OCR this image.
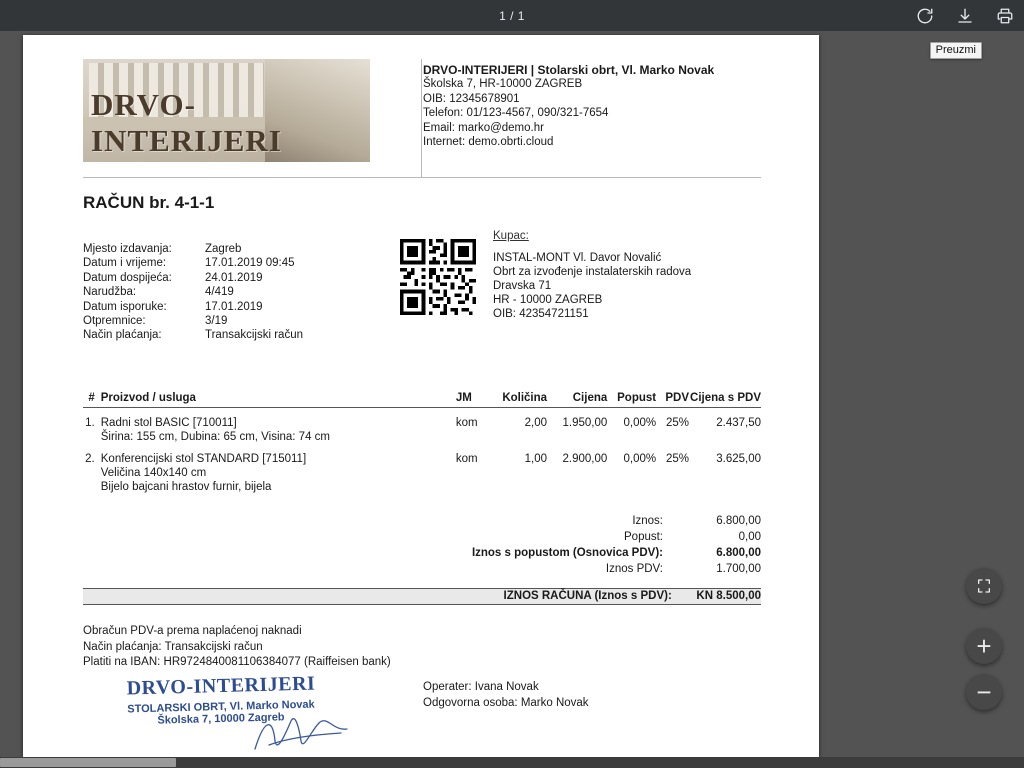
1 / 1
Preuzmi
DRVO-INTERIJERI
DRVO-INTERIJERI | Stolarski obrt, Vl. Marko Novak
Školska 7, HR-10000 ZAGREB
OIB: 12345678901
Telefon: 01/123-4567, 090/321-7654
Email: marko@demo.hr
Internet: demo.obrti.cloud
RAČUN br. 4-1-1
Mjesto izdavanja:	Zagreb
Datum i vrijeme:	17.01.2019 09:45
Datum dospijeća:	24.01.2019
Narudžba:	4/419
Datum isporuke:	17.01.2019
Otpremnice:	3/19
Način plaćanja:	Transakcijski račun
Kupac:
INSTAL-MONT Vl. Davor Novalić
Obrt za izvođenje instalaterskih radova
Dravska 71
HR - 10000 ZAGREB
OIB: 42354721151
#	Proizvod / usluga	JM	Količina	Cijena	Popust	PDV	Cijena s PDV

1.	Radni stol BASIC [710011]	kom	2,00	1.950,00	0,00%	25%	2.437,50
	Širina: 155 cm, Dubina: 65 cm, Visina: 74 cm						

2.	Konferencijski stol STANDARD [715011]	kom	1,00	2.900,00	0,00%	25%	3.625,00
	Veličina 140x140 cm						
	Bijelo bajcani hrastov furnir, bijela						
Iznos:	6.800,00
Popust:	0,00
Iznos s popustom (Osnovica PDV):	6.800,00
Iznos PDV:	1.700,00
IZNOS RAČUNA (Iznos s PDV): KN 8.500,00
Obračun PDV-a prema naplaćenoj naknadi
Način plaćanja: Transakcijski račun
Platiti na IBAN: HR9724840081106384077 (Raiffeisen bank)
DRVO-INTERIJERI
STOLARSKI OBRT, Vl. Marko Novak
Školska 7, 10000 Zagreb
Operater: Ivana Novak
Odgovorna osoba: Marko Novak
+
−
